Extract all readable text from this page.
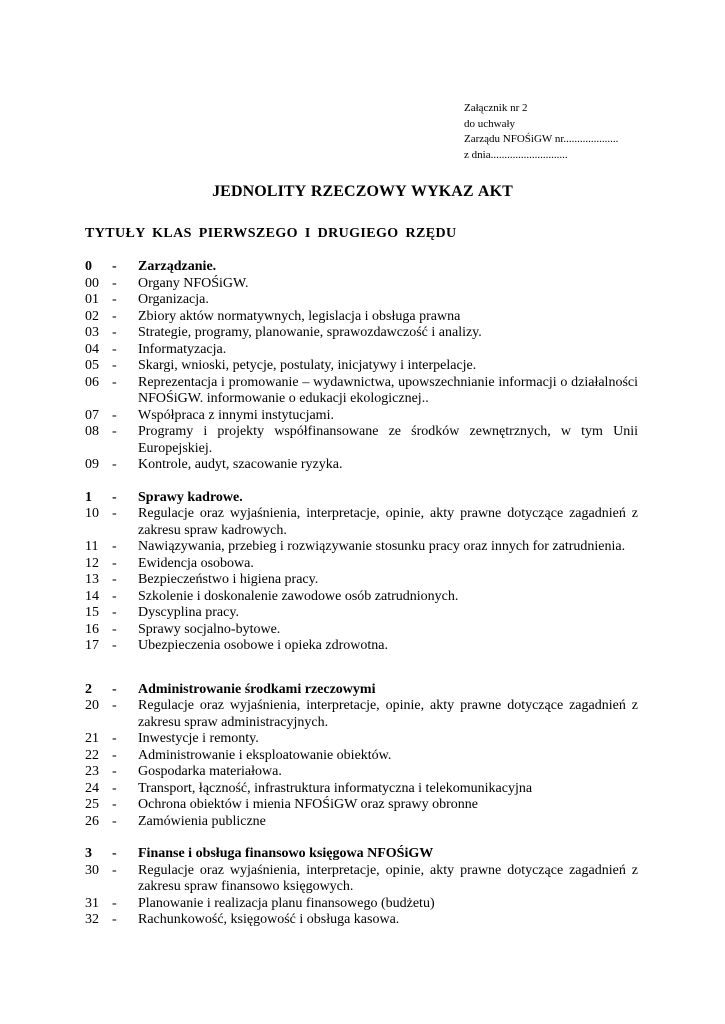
Załącznik nr 2
do uchwały
Zarządu NFOŚiGW nr....................
z dnia............................
JEDNOLITY RZECZOWY WYKAZ AKT
TYTUŁY KLAS PIERWSZEGO I DRUGIEGO RZĘDU
0	-	Zarządzanie.
00 -	Organy NFOŚiGW.
01 -	Organizacja.
02 -	Zbiory aktów normatywnych, legislacja i obsługa prawna
03 -	Strategie, programy, planowanie, sprawozdawczość i analizy.
04 -	Informatyzacja.
05 -	Skargi, wnioski, petycje, postulaty, inicjatywy i interpelacje.
06 -	Reprezentacja i promowanie – wydawnictwa, upowszechnianie informacji o działalności NFOŚiGW. informowanie o edukacji ekologicznej..
07 -	Współpraca z innymi instytucjami.
08 -	Programy i projekty współfinansowane ze środków zewnętrznych, w tym Unii Europejskiej.
09 -	Kontrole, audyt, szacowanie ryzyka.
1	-	Sprawy kadrowe.
10 -	Regulacje oraz wyjaśnienia, interpretacje, opinie, akty prawne dotyczące zagadnień z zakresu spraw kadrowych.
11 -	Nawiązywania, przebieg i rozwiązywanie stosunku pracy oraz innych for zatrudnienia.
12 -	Ewidencja osobowa.
13 -	Bezpieczeństwo i higiena pracy.
14 -	Szkolenie i doskonalenie zawodowe osób zatrudnionych.
15 -	Dyscyplina pracy.
16 -	Sprawy socjalno-bytowe.
17 -	Ubezpieczenia osobowe i opieka zdrowotna.
2	-	Administrowanie środkami rzeczowymi
20 -	Regulacje oraz wyjaśnienia, interpretacje, opinie, akty prawne dotyczące zagadnień z zakresu spraw administracyjnych.
21 -	Inwestycje i remonty.
22 -	Administrowanie i eksploatowanie obiektów.
23 -	Gospodarka materiałowa.
24 -	Transport, łączność, infrastruktura informatyczna i telekomunikacyjna
25 -	Ochrona obiektów i mienia NFOŚiGW oraz sprawy obronne
26 -	Zamówienia publiczne
3	-	Finanse i obsługa finansowo księgowa NFOŚiGW
30 -	Regulacje oraz wyjaśnienia, interpretacje, opinie, akty prawne dotyczące zagadnień z zakresu spraw finansowo księgowych.
31 -	Planowanie i realizacja planu finansowego (budżetu)
32 -	Rachunkowość, księgowość i obsługa kasowa.
